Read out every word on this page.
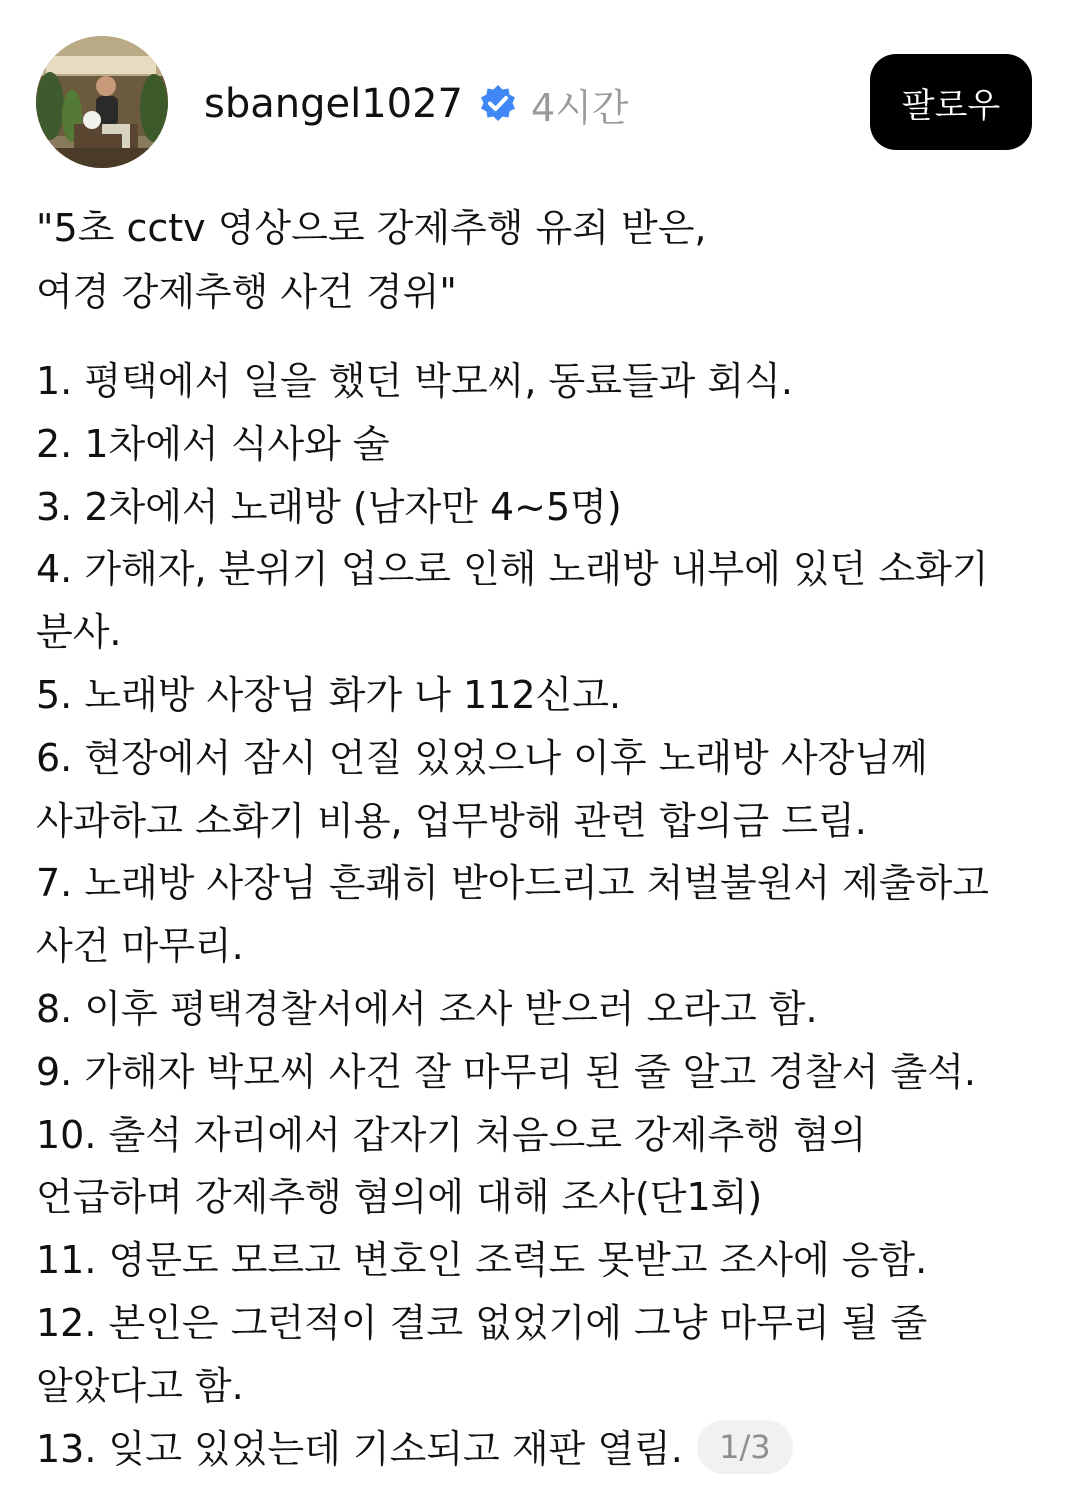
sbangel1027 4시간	팔로우
"5초 cctv 영상으로 강제추행 유죄 받은,
여경 강제추행 사건 경위"
1. 평택에서 일을 했던 박모씨, 동료들과 회식.
2. 1차에서 식사와 술
3. 2차에서 노래방 (남자만 4~5명)
4. 가해자, 분위기 업으로 인해 노래방 내부에 있던 소화기
분사.
5. 노래방 사장님 화가 나 112신고.
6. 현장에서 잠시 언질 있었으나 이후 노래방 사장님께
사과하고 소화기 비용, 업무방해 관련 합의금 드림.
7. 노래방 사장님 흔쾌히 받아드리고 처벌불원서 제출하고
사건 마무리.
8. 이후 평택경찰서에서 조사 받으러 오라고 함.
9. 가해자 박모씨 사건 잘 마무리 된 줄 알고 경찰서 출석.
10. 출석 자리에서 갑자기 처음으로 강제추행 혐의
언급하며 강제추행 혐의에 대해 조사(단1회)
11. 영문도 모르고 변호인 조력도 못받고 조사에 응함.
12. 본인은 그런적이 결코 없었기에 그냥 마무리 될 줄
알았다고 함.
13. 잊고 있었는데 기소되고 재판 열림. 1/3
